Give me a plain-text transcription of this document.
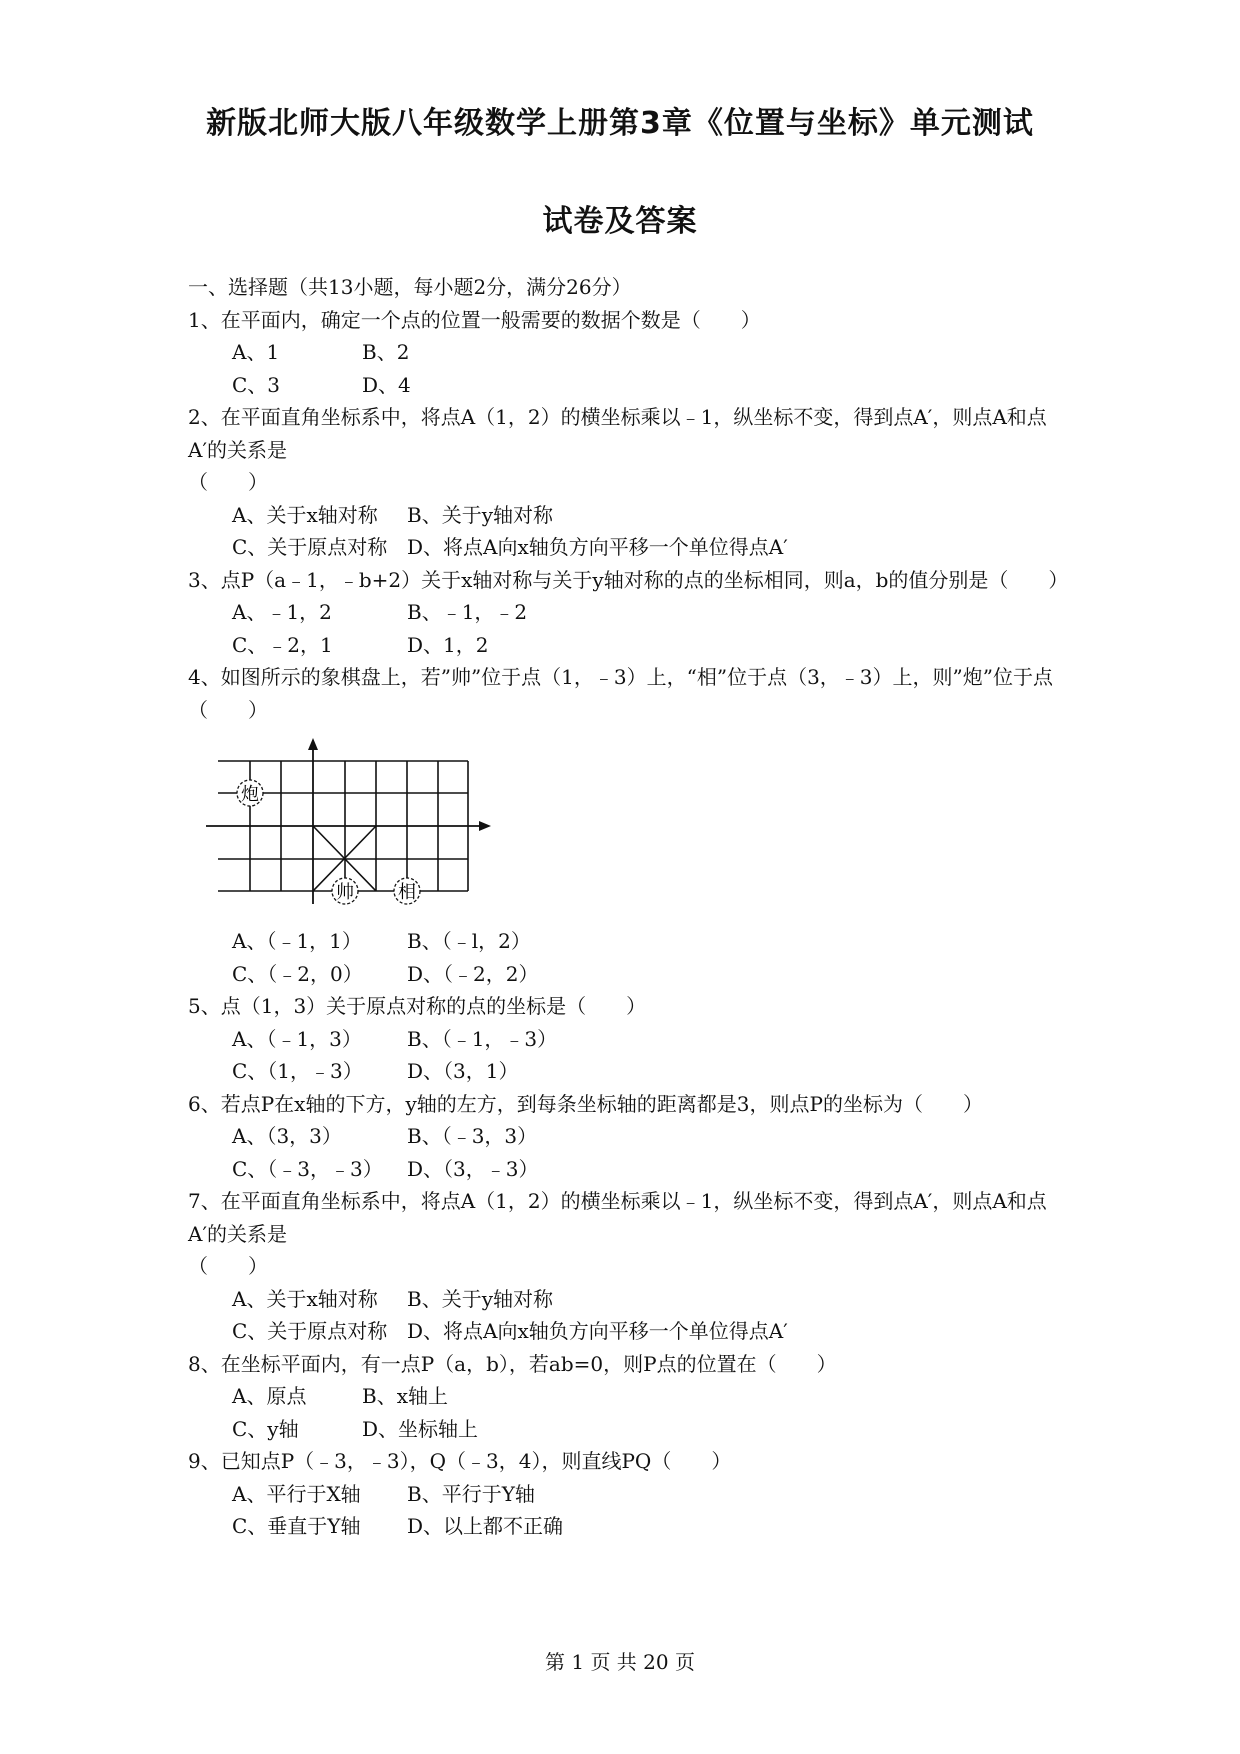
新版北师大版八年级数学上册第3章《位置与坐标》单元测试
试卷及答案
一、选择题（共13小题，每小题2分，满分26分）
1、在平面内，确定一个点的位置一般需要的数据个数是（　　）
A、1	B、2
C、3	D、4
2、在平面直角坐标系中，将点A（1，2）的横坐标乘以﹣1，纵坐标不变，得到点A′，则点A和点A′的关系是
（　　）
A、关于x轴对称 B、关于y轴对称
C、关于原点对称 D、将点A向x轴负方向平移一个单位得点A′
3、点P（a﹣1，﹣b+2）关于x轴对称与关于y轴对称的点的坐标相同，则a，b的值分别是（　　）
A、﹣1，2	B、﹣1，﹣2
C、﹣2，1	D、1，2
4、如图所示的象棋盘上，若”帅”位于点（1，﹣3）上，“相”位于点（3，﹣3）上，则”炮”位于点（　　）
炮
帅 相
A、（﹣1，1） B、（﹣l，2）
C、（﹣2，0） D、（﹣2，2）
5、点（1，3）关于原点对称的点的坐标是（　　）
A、（﹣1，3） B、（﹣1，﹣3）
C、（1，﹣3） D、（3，1）
6、若点P在x轴的下方，y轴的左方，到每条坐标轴的距离都是3，则点P的坐标为（　　）
A、（3，3）	B、（﹣3，3）
C、（﹣3，﹣3） D、（3，﹣3）
7、在平面直角坐标系中，将点A（1，2）的横坐标乘以﹣1，纵坐标不变，得到点A′，则点A和点A′的关系是
（　　）
A、关于x轴对称 B、关于y轴对称
C、关于原点对称 D、将点A向x轴负方向平移一个单位得点A′
8、在坐标平面内，有一点P（a，b），若ab=0，则P点的位置在（　　）
A、原点	B、x轴上
C、y轴	D、坐标轴上
9、已知点P（﹣3，﹣3），Q（﹣3，4），则直线PQ（　　）
A、平行于X轴 B、平行于Y轴
C、垂直于Y轴 D、以上都不正确
第 1 页 共 20 页
